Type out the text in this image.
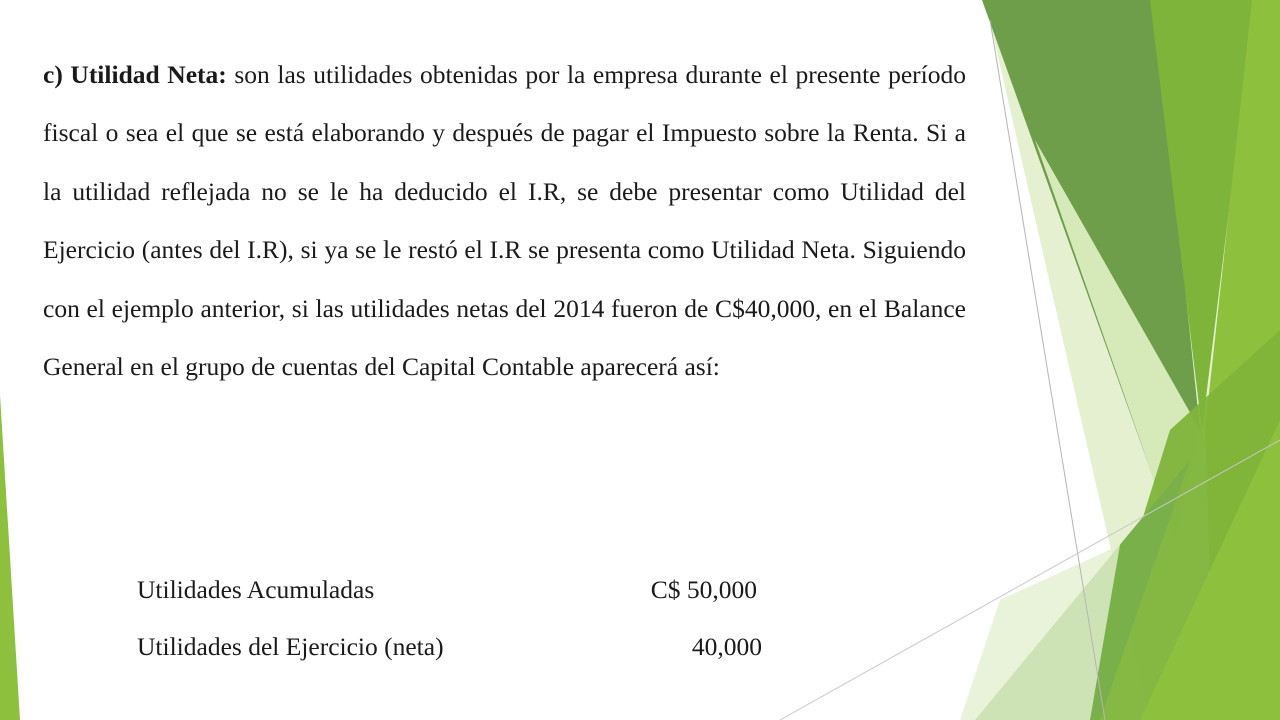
c) Utilidad Neta: son las utilidades obtenidas por la empresa durante el presente período fiscal o sea el que se está elaborando y después de pagar el Impuesto sobre la Renta. Si a la utilidad reflejada no se le ha deducido el I.R, se debe presentar como Utilidad del Ejercicio (antes del I.R), si ya se le restó el I.R se presenta como Utilidad Neta. Siguiendo con el ejemplo anterior, si las utilidades netas del 2014 fueron de C$40,000, en el Balance General en el grupo de cuentas del Capital Contable aparecerá así:
Utilidades Acumuladas	C$ 50,000
Utilidades del Ejercicio (neta)	40,000
